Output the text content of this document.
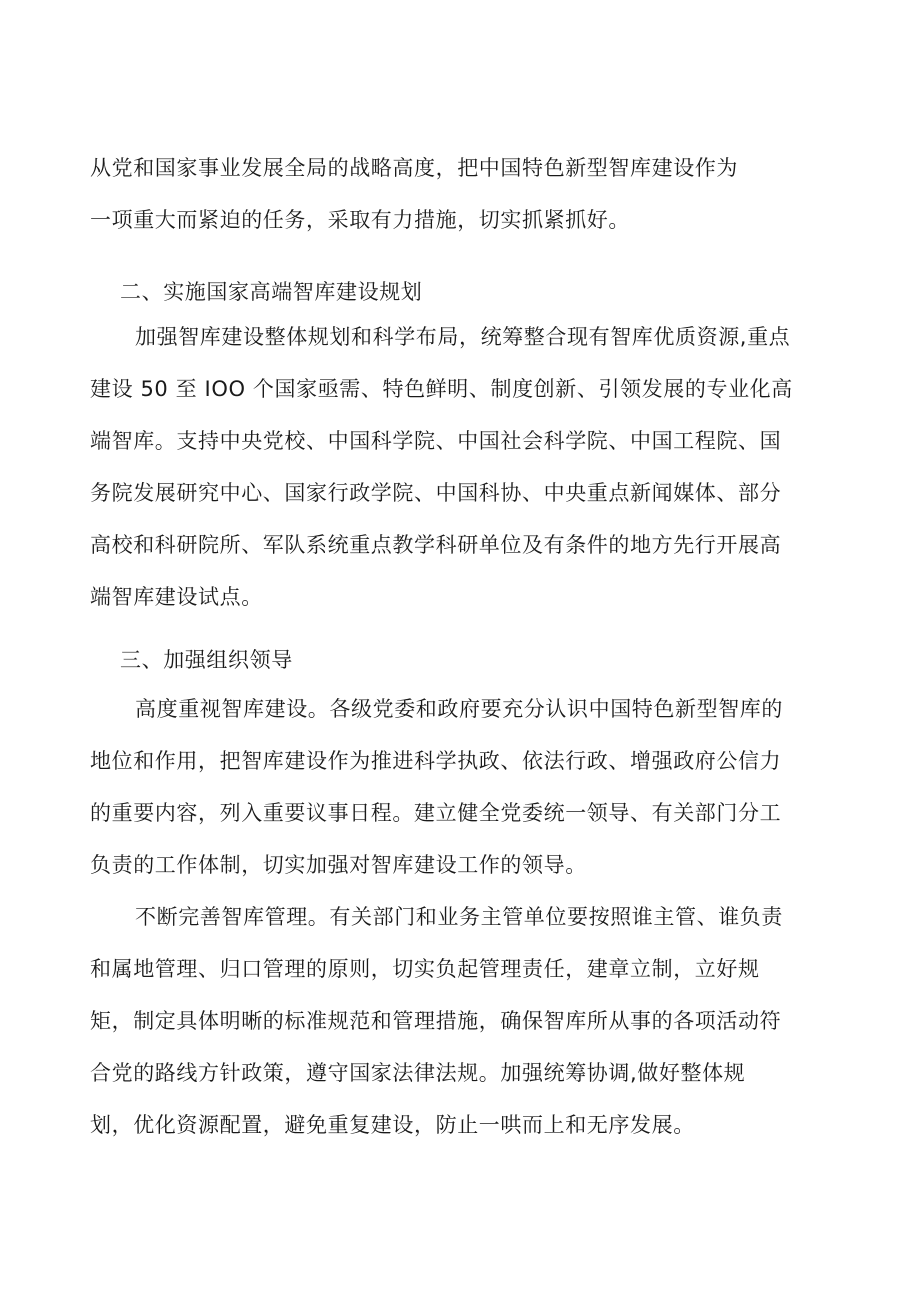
从党和国家事业发展全局的战略高度，把中国特色新型智库建设作为
一项重大而紧迫的任务，采取有力措施，切实抓紧抓好。
二、实施国家高端智库建设规划
加强智库建设整体规划和科学布局，统筹整合现有智库优质资源,重点
建设 50 至 IOO 个国家亟需、特色鲜明、制度创新、引领发展的专业化高
端智库。支持中央党校、中国科学院、中国社会科学院、中国工程院、国
务院发展研究中心、国家行政学院、中国科协、中央重点新闻媒体、部分
高校和科研院所、军队系统重点教学科研单位及有条件的地方先行开展高
端智库建设试点。
三、加强组织领导
高度重视智库建设。各级党委和政府要充分认识中国特色新型智库的
地位和作用，把智库建设作为推进科学执政、依法行政、增强政府公信力
的重要内容，列入重要议事日程。建立健全党委统一领导、有关部门分工
负责的工作体制，切实加强对智库建设工作的领导。
不断完善智库管理。有关部门和业务主管单位要按照谁主管、谁负责
和属地管理、归口管理的原则，切实负起管理责任，建章立制，立好规
矩，制定具体明晰的标准规范和管理措施，确保智库所从事的各项活动符
合党的路线方针政策，遵守国家法律法规。加强统筹协调,做好整体规
划，优化资源配置，避免重复建设，防止一哄而上和无序发展。
